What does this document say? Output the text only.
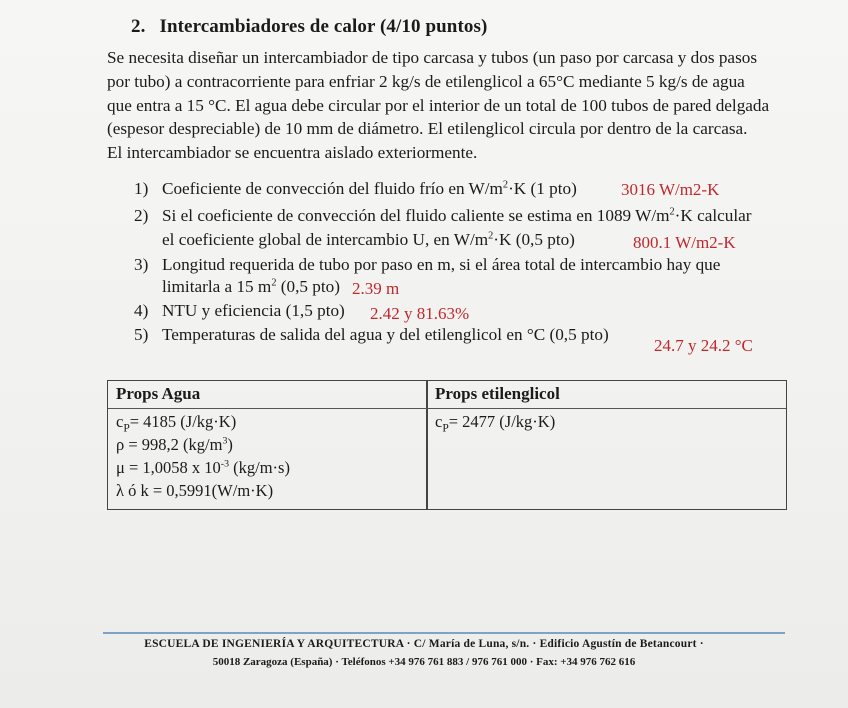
2. Intercambiadores de calor (4/10 puntos)
Se necesita diseñar un intercambiador de tipo carcasa y tubos (un paso por carcasa y dos pasos
por tubo) a contracorriente para enfriar 2 kg/s de etilenglicol a 65°C mediante 5 kg/s de agua
que entra a 15 °C. El agua debe circular por el interior de un total de 100 tubos de pared delgada
(espesor despreciable) de 10 mm de diámetro. El etilenglicol circula por dentro de la carcasa.
El intercambiador se encuentra aislado exteriormente.
1) Coeficiente de convección del fluido frío en $W/m^2\cdot K$ (1 pto)	3016 W/m2-K
2) Si el coeficiente de convección del fluido caliente se estima en 1089 $W/m^2\cdot K$ calcular
el coeficiente global de intercambio U, en $W/m^2\cdot K$ (0,5 pto)	800.1 W/m2-K
3) Longitud requerida de tubo por paso en m, si el área total de intercambio hay que
limitarla a 15 $m^2$ (0,5 pto) 2.39 m
4) NTU y eficiencia (1,5 pto) 2.42 y 81.63%
5) Temperaturas de salida del agua y del etilenglicol en °C (0,5 pto)
24.7 y 24.2 °C
Props Agua
$c_P= 4185$ (J/kg·K)
ρ = 998,2 $(kg/m^3)$
μ = 1,0058 x $10^{-3}$ (kg/m·s)
λ ó k = 0,5991(W/m·K)
Props etilenglicol
$c_P= 2477$ (J/kg·K)
ESCUELA DE INGENIERÍA Y ARQUITECTURA · C/ María de Luna, s/n. · Edificio Agustín de Betancourt ·
50018 Zaragoza (España) · Teléfonos +34 976 761 883 / 976 761 000 · Fax: +34 976 762 616
